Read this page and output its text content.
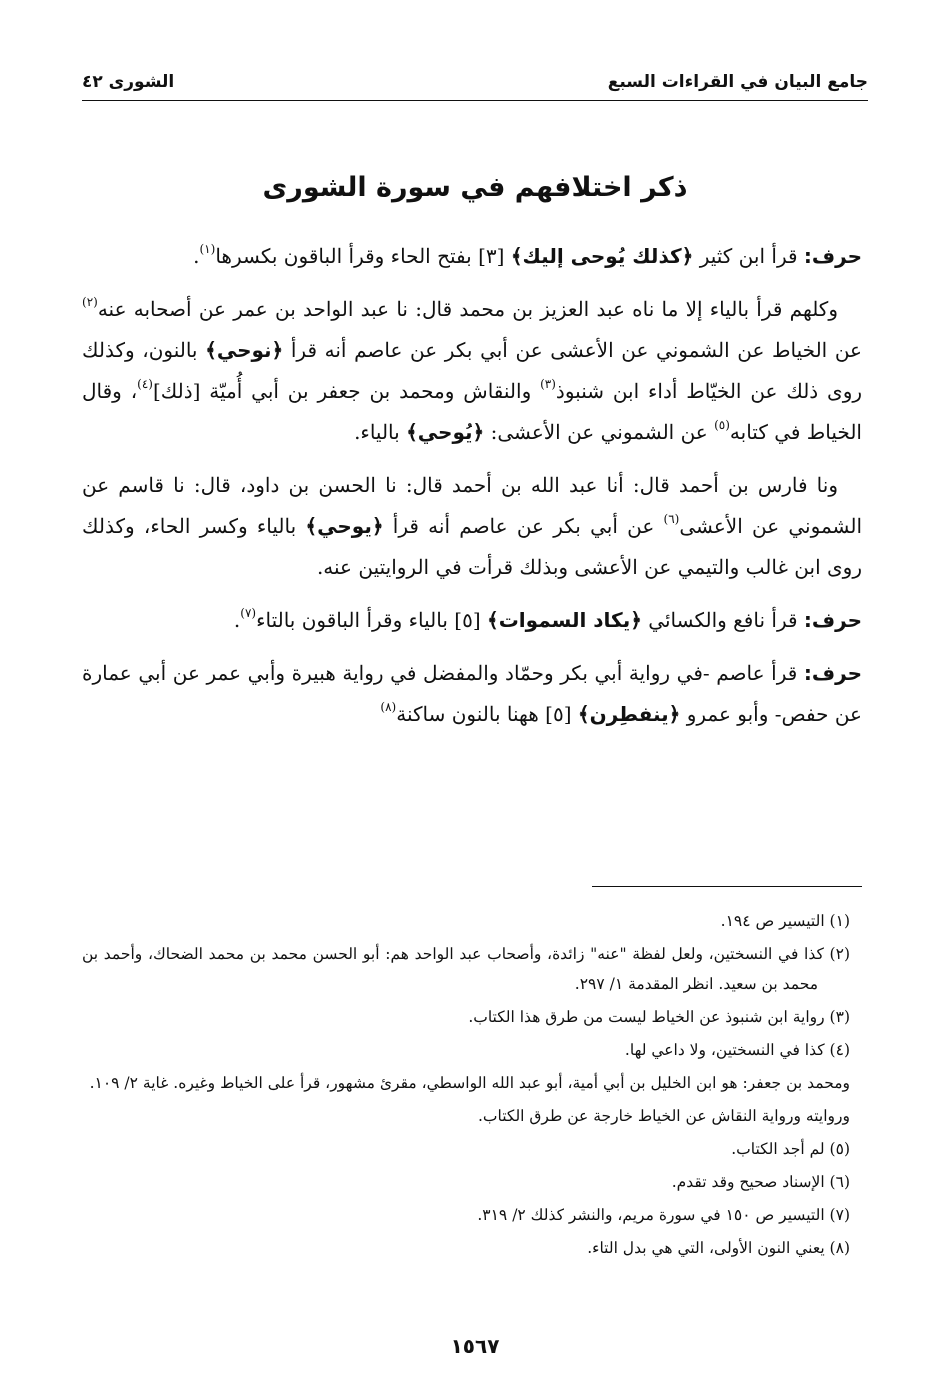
جامع البيان في القراءات السبع
الشورى ٤٢
ذكر اختلافهم في سورة الشورى

حرف: قرأ ابن كثير ﴿كذلك يُوحى إليك﴾ [٣] بفتح الحاء وقرأ الباقون بكسرها$^{(١)}$.

وكلهم قرأ بالياء إلا ما ناه عبد العزيز بن محمد قال: نا عبد الواحد بن عمر عن أصحابه عنه$^{(٢)}$ عن الخياط عن الشموني عن الأعشى عن أبي بكر عن عاصم أنه قرأ ﴿نوحي﴾ بالنون، وكذلك روى ذلك عن الخيّاط أداء ابن شنبوذ$^{(٣)}$ والنقاش ومحمد بن جعفر بن أبي أُميّة [ذلك]$^{(٤)}$، وقال الخياط في كتابه$^{(٥)}$ عن الشموني عن الأعشى: ﴿يُوحي﴾ بالياء.

ونا فارس بن أحمد قال: أنا عبد الله بن أحمد قال: نا الحسن بن داود، قال: نا قاسم عن الشموني عن الأعشى$^{(٦)}$ عن أبي بكر عن عاصم أنه قرأ ﴿يوحي﴾ بالياء وكسر الحاء، وكذلك روى ابن غالب والتيمي عن الأعشى وبذلك قرأت في الروايتين عنه.

حرف: قرأ نافع والكسائي ﴿يكاد السموات﴾ [٥] بالياء وقرأ الباقون بالتاء$^{(٧)}$.

حرف: قرأ عاصم -في رواية أبي بكر وحمّاد والمفضل في رواية هبيرة وأبي عمر عن أبي عمارة عن حفص- وأبو عمرو ﴿ينفطِرن﴾ [٥] ههنا بالنون ساكنة$^{(٨)}$

(١) التيسير ص ١٩٤.
(٢) كذا في النسختين، ولعل لفظة "عنه" زائدة، وأصحاب عبد الواحد هم: أبو الحسن محمد بن محمد الضحاك، وأحمد بن محمد بن سعيد. انظر المقدمة ١/ ٢٩٧.
(٣) رواية ابن شنبوذ عن الخياط ليست من طرق هذا الكتاب.
(٤) كذا في النسختين، ولا داعي لها.
ومحمد بن جعفر: هو ابن الخليل بن أبي أمية، أبو عبد الله الواسطي، مقرئ مشهور، قرأ على الخياط وغيره. غاية ٢/ ١٠٩.
وروايته ورواية النقاش عن الخياط خارجة عن طرق الكتاب.
(٥) لم أجد الكتاب.
(٦) الإسناد صحيح وقد تقدم.
(٧) التيسير ص ١٥٠ في سورة مريم، والنشر كذلك ٢/ ٣١٩.
(٨) يعني النون الأولى، التي هي بدل التاء.
١٥٦٧
